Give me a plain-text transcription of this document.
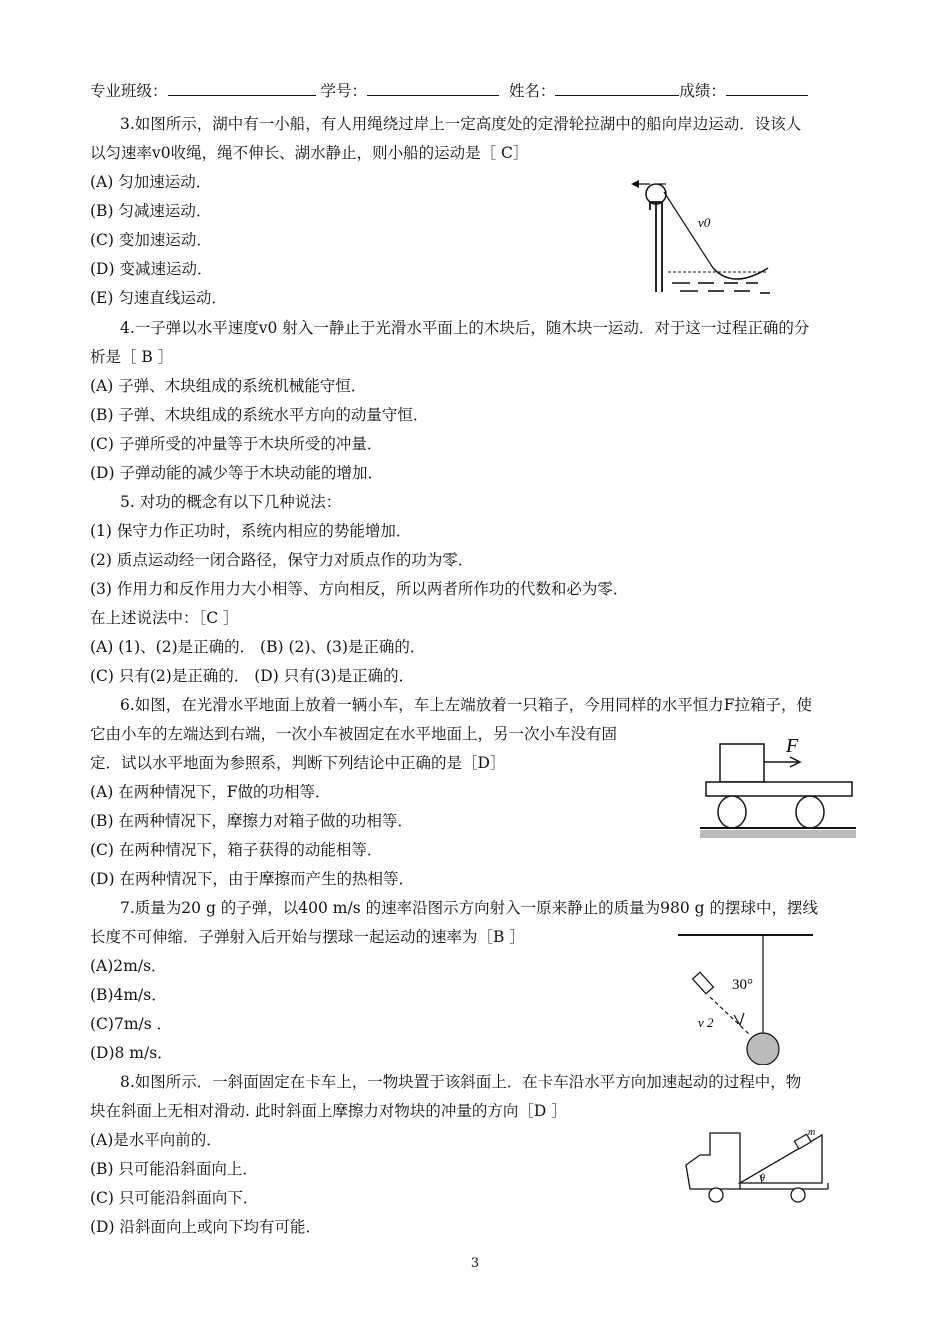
专业班级：	学号：	姓名：	成绩：
3.如图所示，湖中有一小船，有人用绳绕过岸上一定高度处的定滑轮拉湖中的船向岸边运动．设该人
以匀速率v0收绳，绳不伸长、湖水静止，则小船的运动是［ C］
(A) 匀加速运动．
(B) 匀减速运动．
(C) 变加速运动．
(D) 变减速运动．
(E) 匀速直线运动．
v0
4.一子弹以水平速度v0 射入一静止于光滑水平面上的木块后，随木块一运动．对于这一过程正确的分
析是［ B ］
(A) 子弹、木块组成的系统机械能守恒．
(B) 子弹、木块组成的系统水平方向的动量守恒．
(C) 子弹所受的冲量等于木块所受的冲量．
(D) 子弹动能的减少等于木块动能的增加．
5. 对功的概念有以下几种说法：
(1) 保守力作正功时，系统内相应的势能增加．
(2) 质点运动经一闭合路径，保守力对质点作的功为零．
(3) 作用力和反作用力大小相等、方向相反，所以两者所作功的代数和必为零．
在上述说法中：［C ］
(A) (1)、(2)是正确的． (B) (2)、(3)是正确的．
(C) 只有(2)是正确的． (D) 只有(3)是正确的．
6.如图，在光滑水平地面上放着一辆小车，车上左端放着一只箱子，今用同样的水平恒力F拉箱子，使
它由小车的左端达到右端，一次小车被固定在水平地面上，另一次小车没有固
定．试以水平地面为参照系，判断下列结论中正确的是［D］
(A) 在两种情况下，F做的功相等．
(B) 在两种情况下，摩擦力对箱子做的功相等．
(C) 在两种情况下，箱子获得的动能相等．
(D) 在两种情况下，由于摩擦而产生的热相等．
F
7.质量为20 g 的子弹，以400 m/s 的速率沿图示方向射入一原来静止的质量为980 g 的摆球中，摆线
长度不可伸缩．子弹射入后开始与摆球一起运动的速率为［B ］
(A)2m/s．
(B)4m/s．
(C)7m/s ．
(D)8 m/s．
30°
v 2
8.如图所示．一斜面固定在卡车上，一物块置于该斜面上．在卡车沿水平方向加速起动的过程中，物
块在斜面上无相对滑动. 此时斜面上摩擦力对物块的冲量的方向［D ］
(A)是水平向前的．
(B) 只可能沿斜面向上．
(C) 只可能沿斜面向下．
(D) 沿斜面向上或向下均有可能．
θ
m
3
